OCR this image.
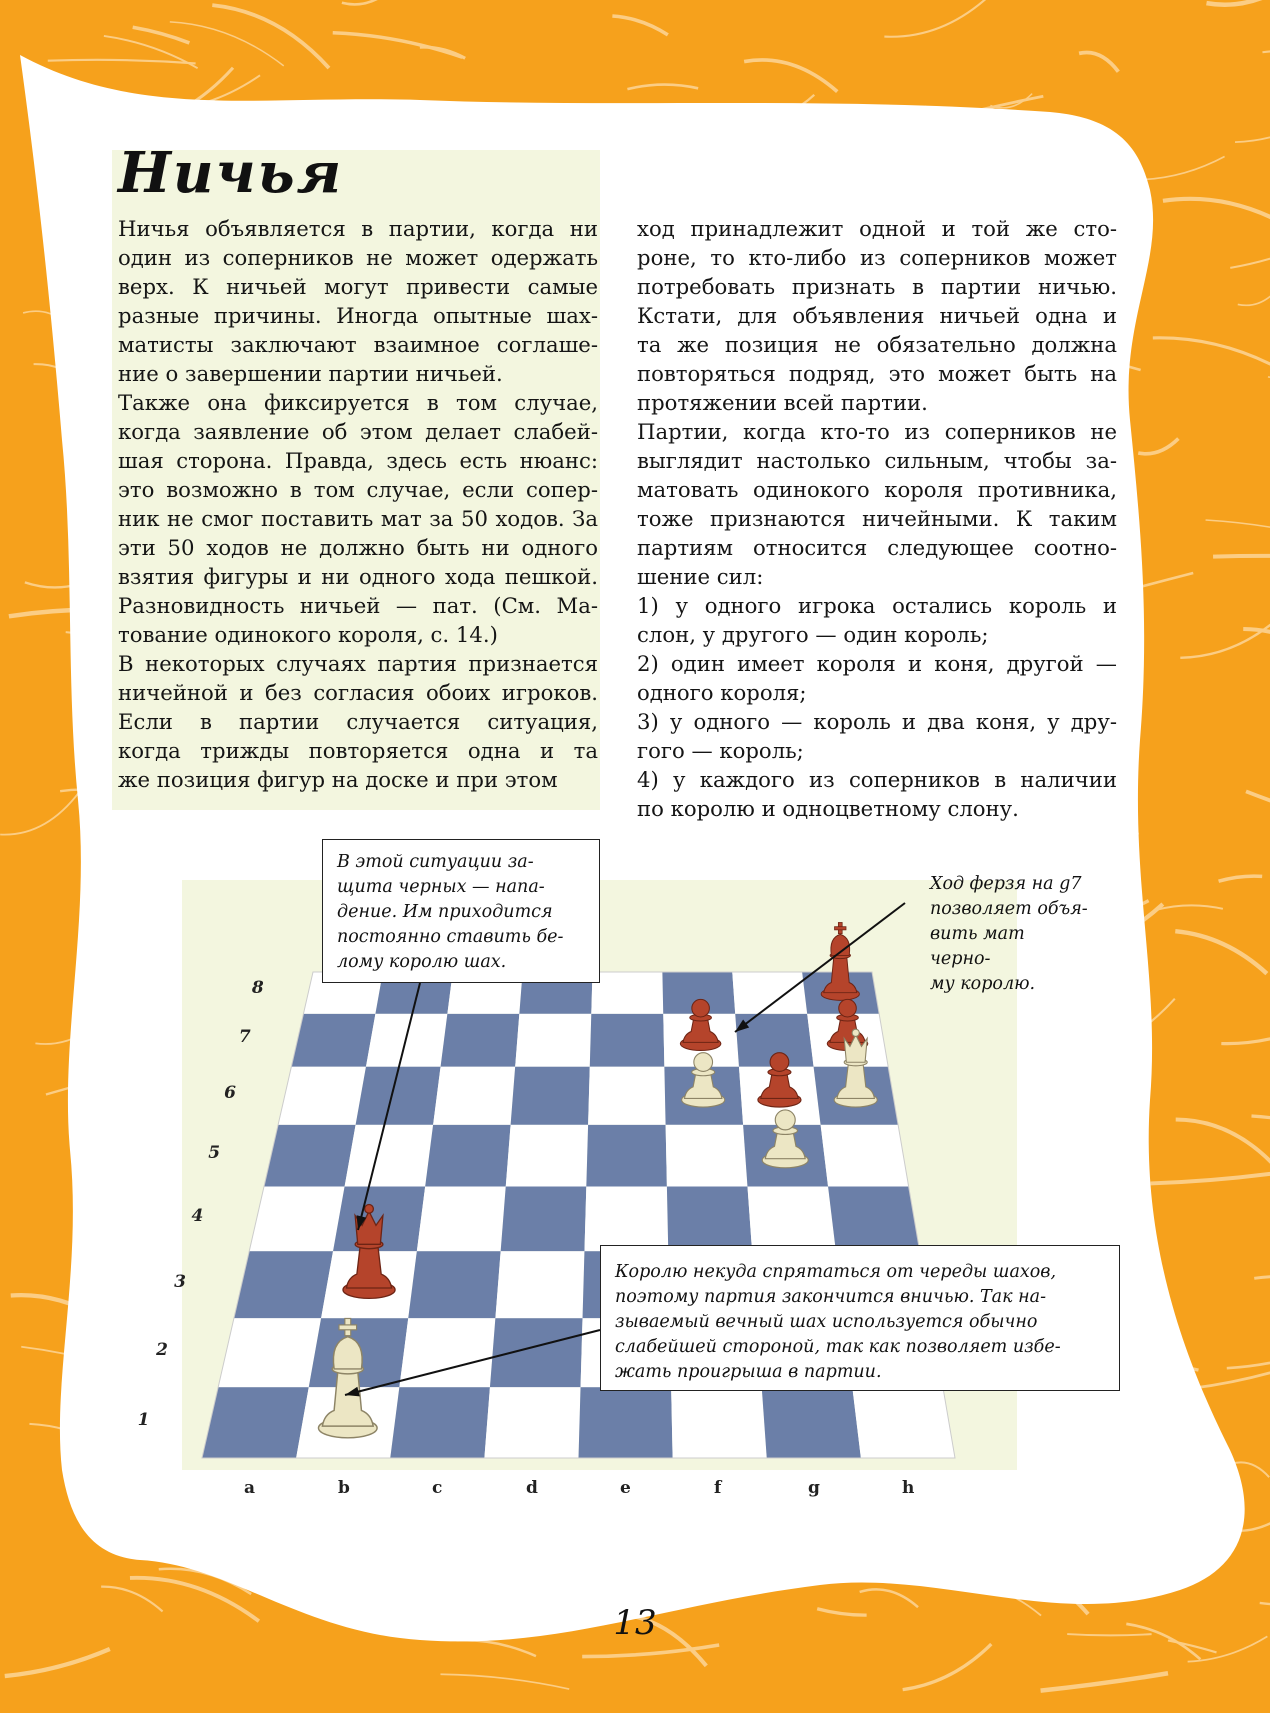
Ничья

Ничья объявляется в партии, когда ни
один из соперников не может одержать
верх. К ничьей могут привести самые
разные причины. Иногда опытные шах-
матисты заключают взаимное соглаше-
ние о завершении партии ничьей.

Также она фиксируется в том случае,
когда заявление об этом делает слабей-
шая сторона. Правда, здесь есть нюанс:
это возможно в том случае, если сопер-
ник не смог поставить мат за 50 ходов. За
эти 50 ходов не должно быть ни одного
взятия фигуры и ни одного хода пешкой.
Разновидность ничьей — пат. (См. Ма-
тование одинокого короля, с. 14.)

В некоторых случаях партия признается
ничейной и без согласия обоих игроков.
Если в партии случается ситуация,
когда трижды повторяется одна и та
же позиция фигур на доске и при этом

ход принадлежит одной и той же сто-
роне, то кто-либо из соперников может
потребовать признать в партии ничью.
Кстати, для объявления ничьей одна и
та же позиция не обязательно должна
повторяться подряд, это может быть на
протяжении всей партии.

Партии, когда кто-то из соперников не
выглядит настолько сильным, чтобы за-
матовать одинокого короля противника,
тоже признаются ничейными. К таким
партиям относится следующее соотно-
шение сил:

1) у одного игрока остались король и
слон, у другого — один король;

2) один имеет короля и коня, другой —
одного короля;

3) у одного — король и два коня, у дру-
гого — король;

4) у каждого из соперников в наличии
по королю и одноцветному слону.

1
2
3
4
5
6
7
8
a	b	c	d	e	f	g	h
В этой ситуации за-
щита черных — напа-
дение. Им приходится
постоянно ставить бе-
лому королю шах.
Ход ферзя на g7
позволяет объя-
вить мат черно-
му королю.
Королю некуда спрятаться от череды шахов,
поэтому партия закончится вничью. Так на-
зываемый вечный шах используется обычно
слабейшей стороной, так как позволяет избе-
жать проигрыша в партии.
13
